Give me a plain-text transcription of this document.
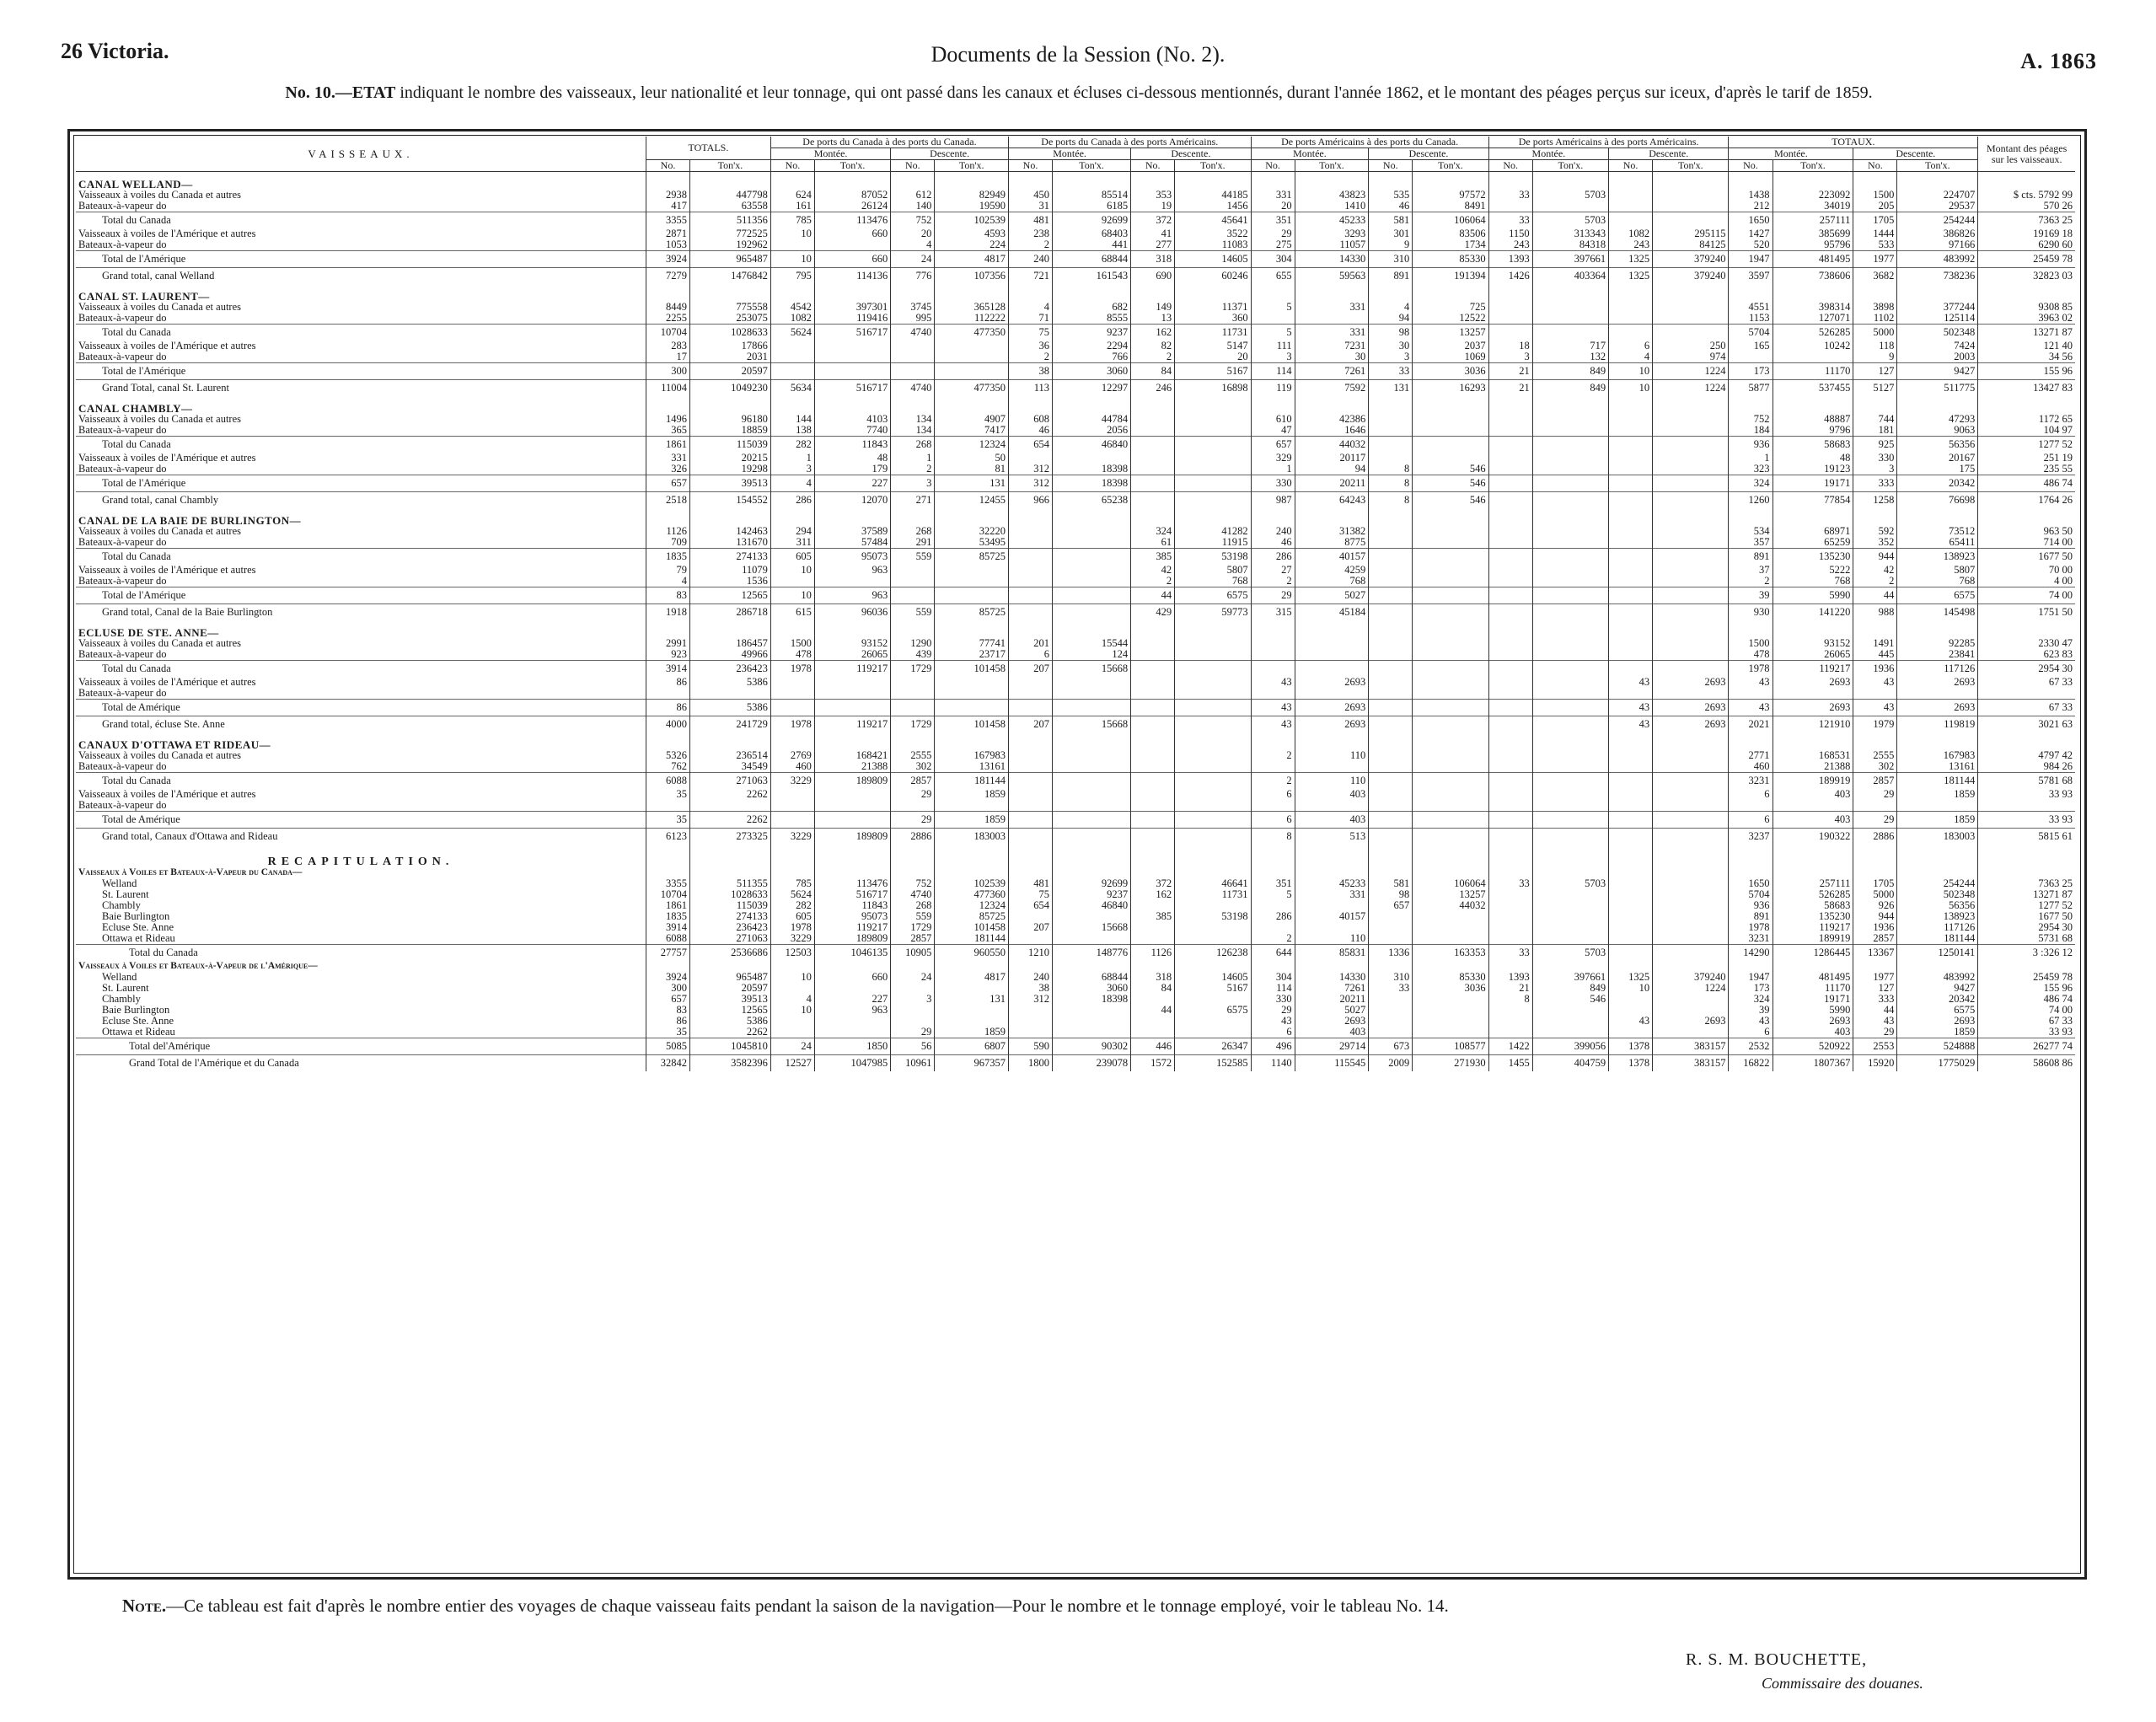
26 Victoria.	Documents de la Session (No. 2).	A. 1863
No. 10.—ETAT indiquant le nombre des vaisseaux, leur nationalité et leur tonnage, qui ont passé dans les canaux et écluses ci-dessous mentionnés, durant l'année 1862, et le montant des péages perçus sur iceux, d'après le tarif de 1859.
VAISSEAUX.	TOTALS.		De ports du Canada à des ports du Canada.				De ports du Canada à des ports Américains.				De ports Américains à des ports du Canada.				De ports Américains à des ports Américains.				TOTAUX.				Montant des péages sur les vaisseaux.
			Montée.		Descente.		Montée.		Descente.		Montée.		Descente.		Montée.		Descente.		Montée.		Descente.		
	No.	Ton'x.	No.	Ton'x.	No.	Ton'x.	No.	Ton'x.	No.	Ton'x.	No.	Ton'x.	No.	Ton'x.	No.	Ton'x.	No.	Ton'x.	No.	Ton'x.	No.	Ton'x.	
CANAL WELLAND—																							
Vaisseaux à voiles du Canada et autres	2938	447798	624	87052	612	82949	450	85514	353	44185	331	43823	535	97572	33	5703			1438	223092	1500	224707	$ cts. 5792 99
Bateaux-à-vapeur do	417	63558	161	26124	140	19590	31	6185	19	1456	20	1410	46	8491					212	34019	205	29537	570 26
Total du Canada	3355	511356	785	113476	752	102539	481	92699	372	45641	351	45233	581	106064	33	5703			1650	257111	1705	254244	7363 25
Vaisseaux à voiles de l'Amérique et autres	2871	772525	10	660	20	4593	238	68403	41	3522	29	3293	301	83506	1150	313343	1082	295115	1427	385699	1444	386826	19169 18
Bateaux-à-vapeur do	1053	192962			4	224	2	441	277	11083	275	11057	9	1734	243	84318	243	84125	520	95796	533	97166	6290 60
Total de l'Amérique	3924	965487	10	660	24	4817	240	68844	318	14605	304	14330	310	85330	1393	397661	1325	379240	1947	481495	1977	483992	25459 78
Grand total, canal Welland	7279	1476842	795	114136	776	107356	721	161543	690	60246	655	59563	891	191394	1426	403364	1325	379240	3597	738606	3682	738236	32823 03
CANAL ST. LAURENT—																							
Vaisseaux à voiles du Canada et autres	8449	775558	4542	397301	3745	365128	4	682	149	11371	5	331	4	725					4551	398314	3898	377244	9308 85
Bateaux-à-vapeur do	2255	253075	1082	119416	995	112222	71	8555	13	360			94	12522					1153	127071	1102	125114	3963 02
Total du Canada	10704	1028633	5624	516717	4740	477350	75	9237	162	11731	5	331	98	13257					5704	526285	5000	502348	13271 87
Vaisseaux à voiles de l'Amérique et autres	283	17866					36	2294	82	5147	111	7231	30	2037	18	717	6	250	165	10242	118	7424	121 40
Bateaux-à-vapeur do	17	2031					2	766	2	20	3	30	3	1069	3	132	4	974			9	2003	34 56
Total de l'Amérique	300	20597					38	3060	84	5167	114	7261	33	3036	21	849	10	1224	173	11170	127	9427	155 96
Grand Total, canal St. Laurent	11004	1049230	5634	516717	4740	477350	113	12297	246	16898	119	7592	131	16293	21	849	10	1224	5877	537455	5127	511775	13427 83
CANAL CHAMBLY—																							
Vaisseaux à voiles du Canada et autres	1496	96180	144	4103	134	4907	608	44784			610	42386							752	48887	744	47293	1172 65
Bateaux-à-vapeur do	365	18859	138	7740	134	7417	46	2056			47	1646							184	9796	181	9063	104 97
Total du Canada	1861	115039	282	11843	268	12324	654	46840			657	44032							936	58683	925	56356	1277 52
Vaisseaux à voiles de l'Amérique et autres	331	20215	1	48	1	50					329	20117							1	48	330	20167	251 19
Bateaux-à-vapeur do	326	19298	3	179	2	81	312	18398			1	94	8	546					323	19123	3	175	235 55
Total de l'Amérique	657	39513	4	227	3	131	312	18398			330	20211	8	546					324	19171	333	20342	486 74
Grand total, canal Chambly	2518	154552	286	12070	271	12455	966	65238			987	64243	8	546					1260	77854	1258	76698	1764 26
CANAL DE LA BAIE DE BURLINGTON—																							
Vaisseaux à voiles du Canada et autres	1126	142463	294	37589	268	32220			324	41282	240	31382							534	68971	592	73512	963 50
Bateaux-à-vapeur do	709	131670	311	57484	291	53495			61	11915	46	8775							357	65259	352	65411	714 00
Total du Canada	1835	274133	605	95073	559	85725			385	53198	286	40157							891	135230	944	138923	1677 50
Vaisseaux à voiles de l'Amérique et autres	79	11079	10	963					42	5807	27	4259							37	5222	42	5807	70 00
Bateaux-à-vapeur do	4	1536							2	768	2	768							2	768	2	768	4 00
Total de l'Amérique	83	12565	10	963					44	6575	29	5027							39	5990	44	6575	74 00
Grand total, Canal de la Baie Burlington	1918	286718	615	96036	559	85725			429	59773	315	45184							930	141220	988	145498	1751 50
ECLUSE DE STE. ANNE—																							
Vaisseaux à voiles du Canada et autres	2991	186457	1500	93152	1290	77741	201	15544											1500	93152	1491	92285	2330 47
Bateaux-à-vapeur do	923	49966	478	26065	439	23717	6	124											478	26065	445	23841	623 83
Total du Canada	3914	236423	1978	119217	1729	101458	207	15668											1978	119217	1936	117126	2954 30
Vaisseaux à voiles de l'Amérique et autres	86	5386									43	2693					43	2693	43	2693	43	2693	67 33
Bateaux-à-vapeur do																							
Total de Amérique	86	5386									43	2693					43	2693	43	2693	43	2693	67 33
Grand total, écluse Ste. Anne	4000	241729	1978	119217	1729	101458	207	15668			43	2693					43	2693	2021	121910	1979	119819	3021 63
CANAUX D'OTTAWA ET RIDEAU—																							
Vaisseaux à voiles du Canada et autres	5326	236514	2769	168421	2555	167983					2	110							2771	168531	2555	167983	4797 42
Bateaux-à-vapeur do	762	34549	460	21388	302	13161													460	21388	302	13161	984 26
Total du Canada	6088	271063	3229	189809	2857	181144					2	110							3231	189919	2857	181144	5781 68
Vaisseaux à voiles de l'Amérique et autres	35	2262			29	1859					6	403							6	403	29	1859	33 93
Bateaux-à-vapeur do																							
Total de Amérique	35	2262			29	1859					6	403							6	403	29	1859	33 93
Grand total, Canaux d'Ottawa and Rideau	6123	273325	3229	189809	2886	183003					8	513							3237	190322	2886	183003	5815 61
RECAPITULATION.																							
Vaisseaux à Voiles et Bateaux-à-Vapeur du Canada—																							
Welland	3355	511355	785	113476	752	102539	481	92699	372	46641	351	45233	581	106064	33	5703			1650	257111	1705	254244	7363 25
St. Laurent	10704	1028633	5624	516717	4740	477360	75	9237	162	11731	5	331	98	13257					5704	526285	5000	502348	13271 87
Chambly	1861	115039	282	11843	268	12324	654	46840					657	44032					936	58683	926	56356	1277 52
Baie Burlington	1835	274133	605	95073	559	85725			385	53198	286	40157							891	135230	944	138923	1677 50
Ecluse Ste. Anne	3914	236423	1978	119217	1729	101458	207	15668											1978	119217	1936	117126	2954 30
Ottawa et Rideau	6088	271063	3229	189809	2857	181144					2	110							3231	189919	2857	181144	5731 68
Total du Canada	27757	2536686	12503	1046135	10905	960550	1210	148776	1126	126238	644	85831	1336	163353	33	5703			14290	1286445	13367	1250141	3 :326 12
Vaisseaux à Voiles et Bateaux-à-Vapeur de l'Amérique—																							
Welland	3924	965487	10	660	24	4817	240	68844	318	14605	304	14330	310	85330	1393	397661	1325	379240	1947	481495	1977	483992	25459 78
St. Laurent	300	20597					38	3060	84	5167	114	7261	33	3036	21	849	10	1224	173	11170	127	9427	155 96
Chambly	657	39513	4	227	3	131	312	18398			330	20211			8	546			324	19171	333	20342	486 74
Baie Burlington	83	12565	10	963					44	6575	29	5027							39	5990	44	6575	74 00
Ecluse Ste. Anne	86	5386									43	2693					43	2693	43	2693	43	2693	67 33
Ottawa et Rideau	35	2262			29	1859					6	403							6	403	29	1859	33 93
Total del'Amérique	5085	1045810	24	1850	56	6807	590	90302	446	26347	496	29714	673	108577	1422	399056	1378	383157	2532	520922	2553	524888	26277 74
Grand Total de l'Amérique et du Canada	32842	3582396	12527	1047985	10961	967357	1800	239078	1572	152585	1140	115545	2009	271930	1455	404759	1378	383157	16822	1807367	15920	1775029	58608 86
Note.—Ce tableau est fait d'après le nombre entier des voyages de chaque vaisseau faits pendant la saison de la navigation—Pour le nombre et le tonnage employé, voir le tableau No. 14.
R. S. M. BOUCHETTE,
Commissaire des douanes.
